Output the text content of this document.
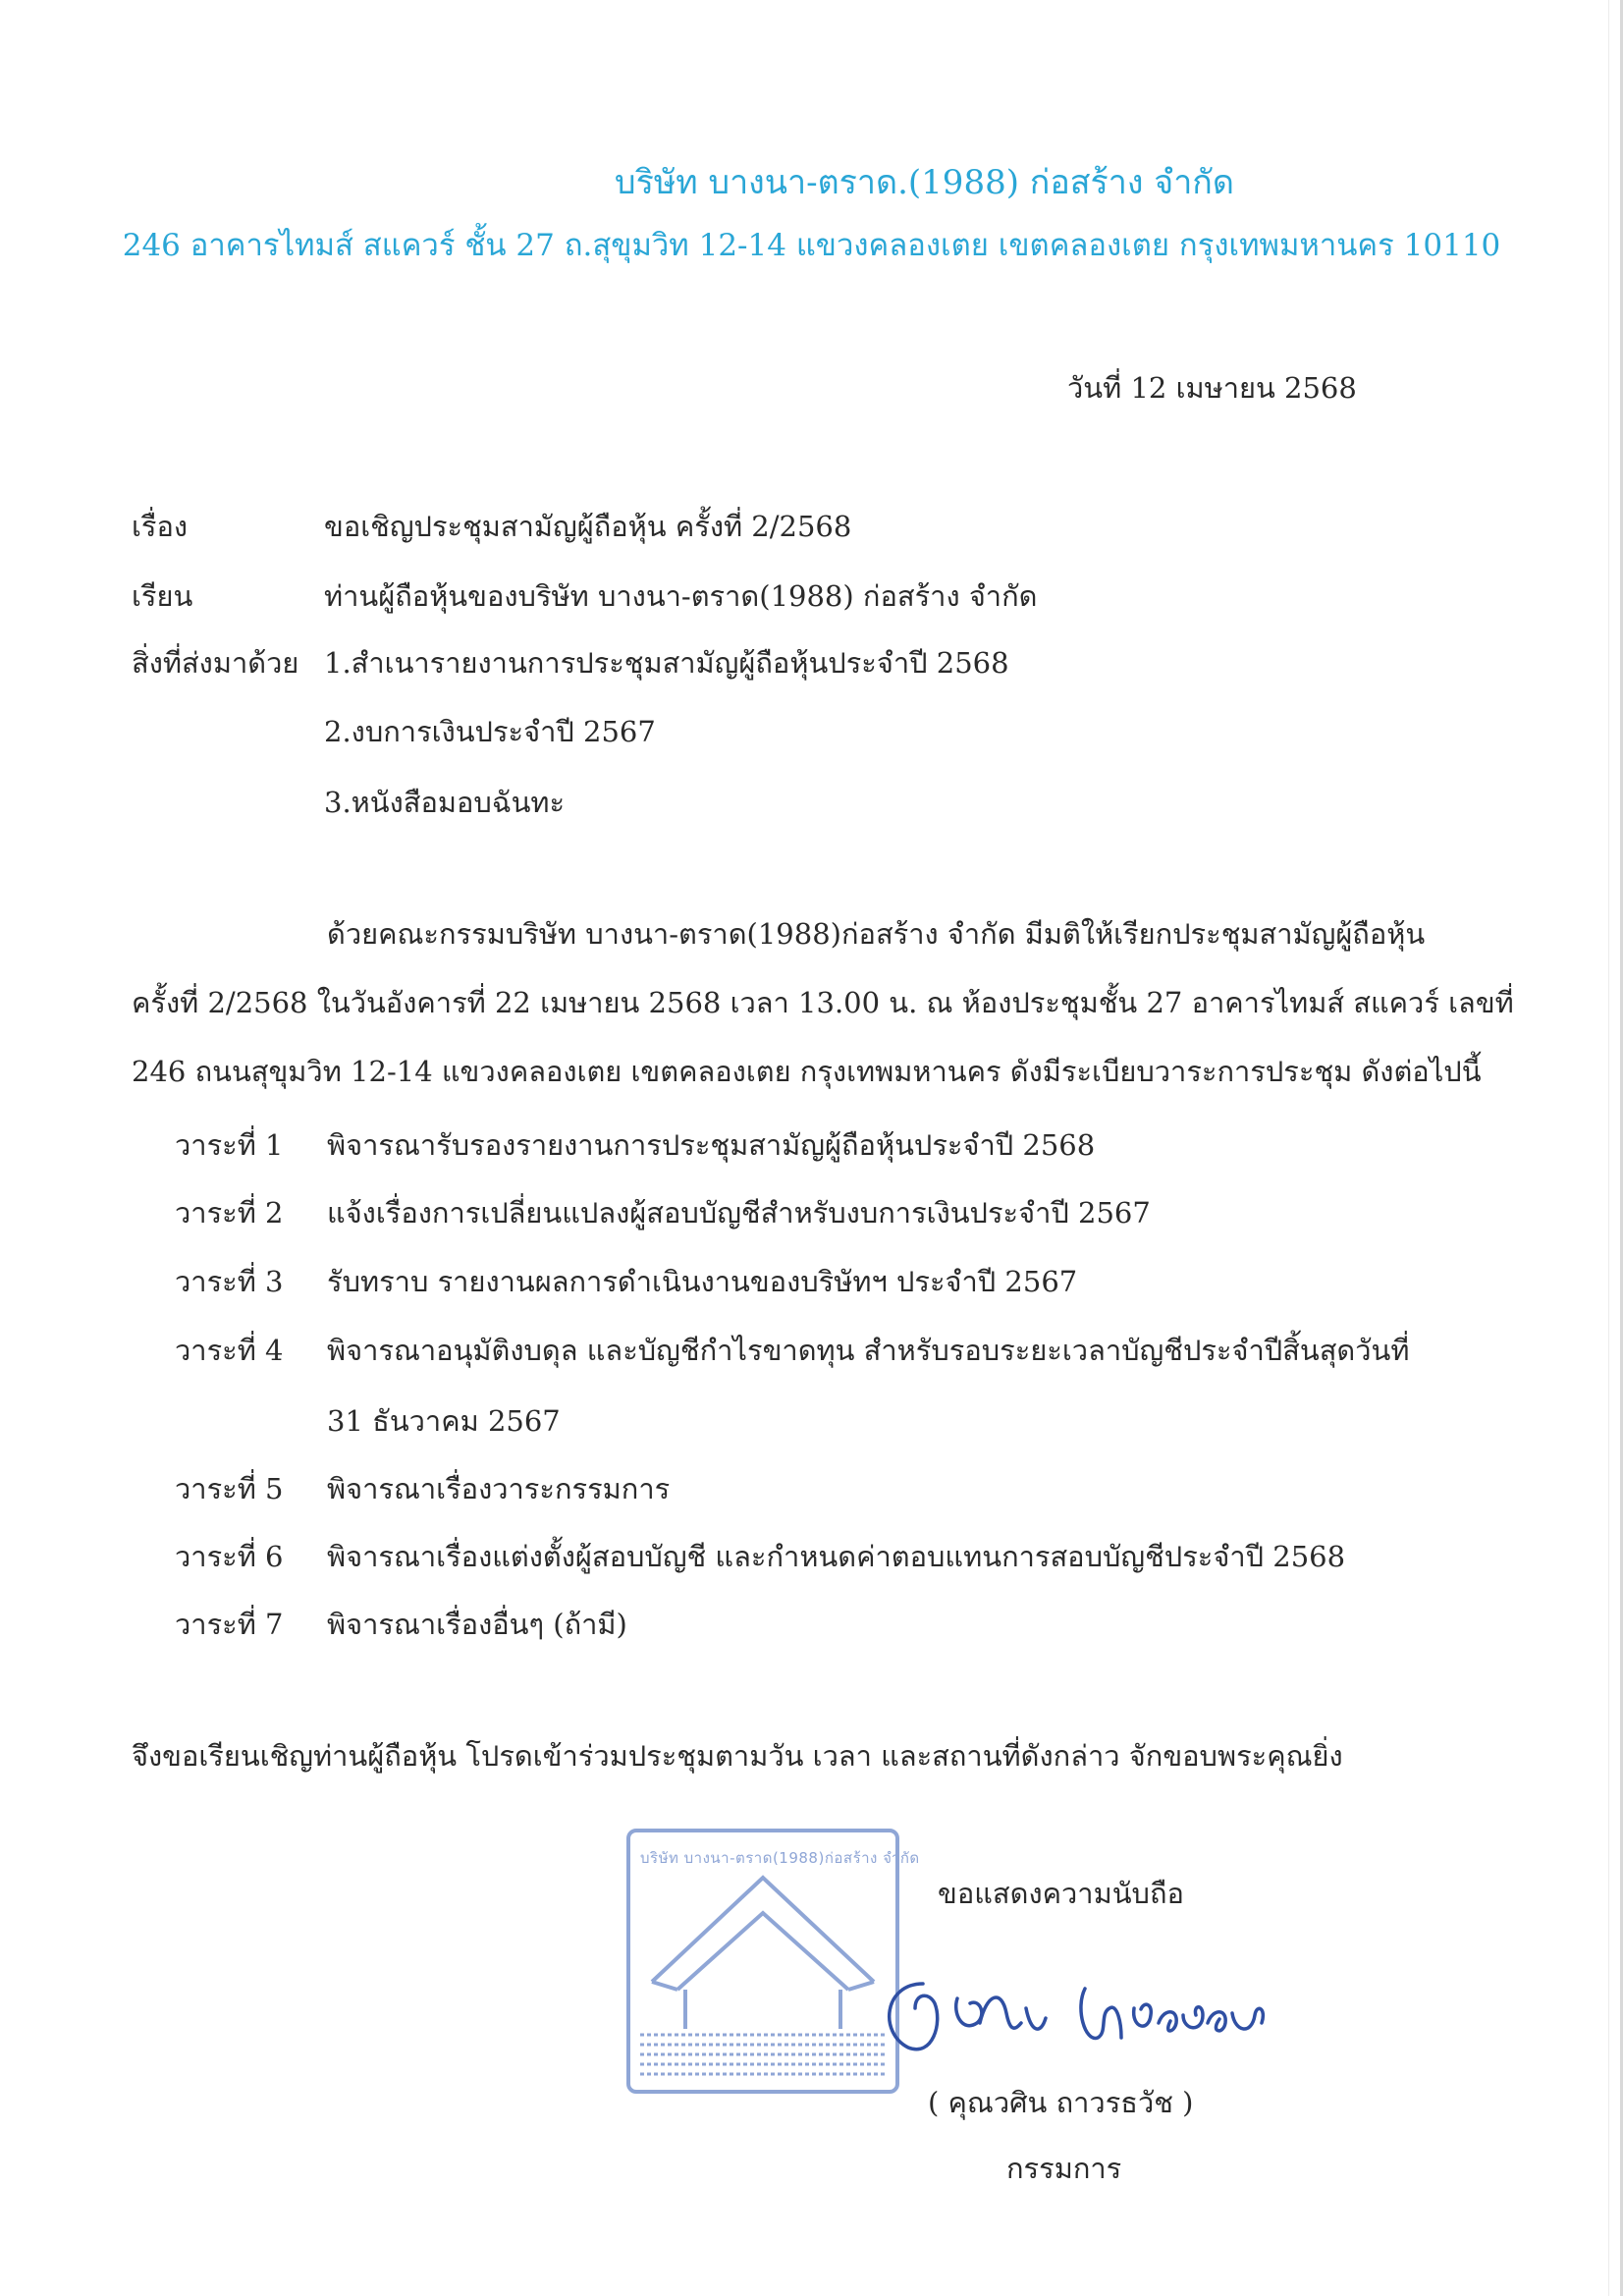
บริษัท บางนา-ตราด.(1988) ก่อสร้าง จำกัด
246 อาคารไทมส์ สแควร์ ชั้น 27 ถ.สุขุมวิท 12-14 แขวงคลองเตย เขตคลองเตย กรุงเทพมหานคร 10110
วันที่ 12 เมษายน 2568
เรื่อง	ขอเชิญประชุมสามัญผู้ถือหุ้น ครั้งที่ 2/2568
เรียน	ท่านผู้ถือหุ้นของบริษัท บางนา-ตราด(1988) ก่อสร้าง จำกัด
สิ่งที่ส่งมาด้วย 1.สำเนารายงานการประชุมสามัญผู้ถือหุ้นประจำปี 2568
2.งบการเงินประจำปี 2567
3.หนังสือมอบฉันทะ
ด้วยคณะกรรมบริษัท บางนา-ตราด(1988)ก่อสร้าง จำกัด มีมติให้เรียกประชุมสามัญผู้ถือหุ้น
ครั้งที่ 2/2568 ในวันอังคารที่ 22 เมษายน 2568 เวลา 13.00 น. ณ ห้องประชุมชั้น 27 อาคารไทมส์ สแควร์ เลขที่
246 ถนนสุขุมวิท 12-14 แขวงคลองเตย เขตคลองเตย กรุงเทพมหานคร ดังมีระเบียบวาระการประชุม ดังต่อไปนี้
วาระที่ 1 พิจารณารับรองรายงานการประชุมสามัญผู้ถือหุ้นประจำปี 2568
วาระที่ 2 แจ้งเรื่องการเปลี่ยนแปลงผู้สอบบัญชีสำหรับงบการเงินประจำปี 2567
วาระที่ 3 รับทราบ รายงานผลการดำเนินงานของบริษัทฯ ประจำปี 2567
วาระที่ 4 พิจารณาอนุมัติงบดุล และบัญชีกำไรขาดทุน สำหรับรอบระยะเวลาบัญชีประจำปีสิ้นสุดวันที่
31 ธันวาคม 2567
วาระที่ 5 พิจารณาเรื่องวาระกรรมการ
วาระที่ 6 พิจารณาเรื่องแต่งตั้งผู้สอบบัญชี และกำหนดค่าตอบแทนการสอบบัญชีประจำปี 2568
วาระที่ 7 พิจารณาเรื่องอื่นๆ (ถ้ามี)
จึงขอเรียนเชิญท่านผู้ถือหุ้น โปรดเข้าร่วมประชุมตามวัน เวลา และสถานที่ดังกล่าว จักขอบพระคุณยิ่ง
บริษัท บางนา-ตราด(1988)ก่อสร้าง จำกัด
ขอแสดงความนับถือ
( คุณวศิน ถาวรธวัช )
กรรมการ
